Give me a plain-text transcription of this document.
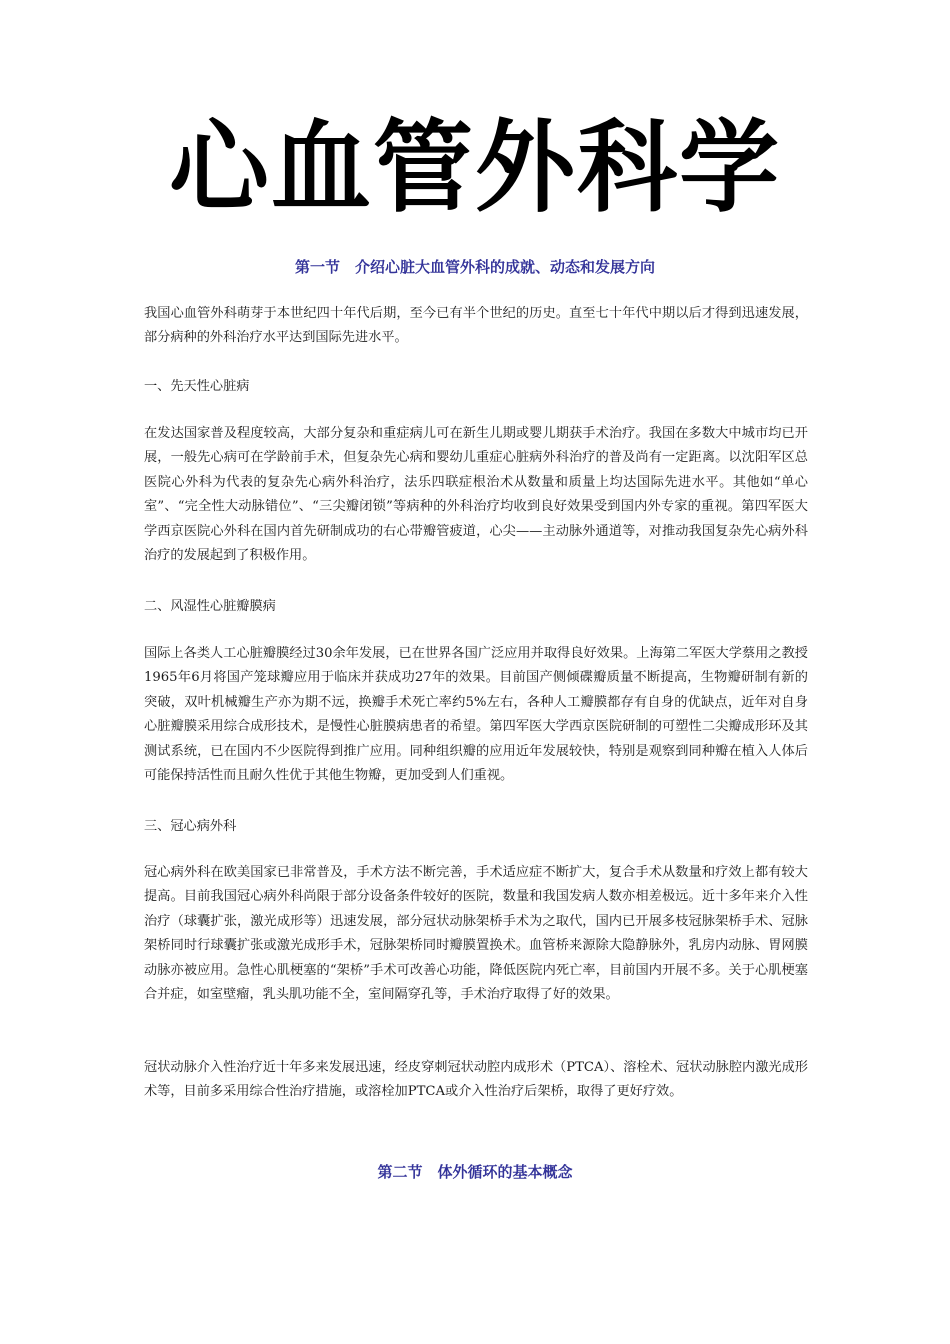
心血管外科学
第一节　介绍心脏大血管外科的成就、动态和发展方向

我国心血管外科萌芽于本世纪四十年代后期，至今已有半个世纪的历史。直至七十年代中期以后才得到迅速发展，部分病种的外科治疗水平达到国际先进水平。

一、先天性心脏病

在发达国家普及程度较高，大部分复杂和重症病儿可在新生儿期或婴儿期获手术治疗。我国在多数大中城市均已开展，一般先心病可在学龄前手术，但复杂先心病和婴幼儿重症心脏病外科治疗的普及尚有一定距离。以沈阳军区总医院心外科为代表的复杂先心病外科治疗，法乐四联症根治术从数量和质量上均达国际先进水平。其他如“单心室”、“完全性大动脉错位”、“三尖瓣闭锁”等病种的外科治疗均收到良好效果受到国内外专家的重视。第四军医大学西京医院心外科在国内首先研制成功的右心带瓣管疲道，心尖——主动脉外通道等，对推动我国复杂先心病外科治疗的发展起到了积极作用。

二、风湿性心脏瓣膜病

国际上各类人工心脏瓣膜经过30余年发展，已在世界各国广泛应用并取得良好效果。上海第二军医大学蔡用之教授1965年6月将国产笼球瓣应用于临床并获成功27年的效果。目前国产侧倾碟瓣质量不断提高，生物瓣研制有新的突破，双叶机械瓣生产亦为期不远，换瓣手术死亡率约5%左右，各种人工瓣膜都存有自身的优缺点，近年对自身心脏瓣膜采用综合成形技术，是慢性心脏膜病患者的希望。第四军医大学西京医院研制的可塑性二尖瓣成形环及其测试系统，已在国内不少医院得到推广应用。同种组织瓣的应用近年发展较快，特别是观察到同种瓣在植入人体后可能保持活性而且耐久性优于其他生物瓣，更加受到人们重视。

三、冠心病外科

冠心病外科在欧美国家已非常普及，手术方法不断完善，手术适应症不断扩大，复合手术从数量和疗效上都有较大提高。目前我国冠心病外科尚限于部分设备条件较好的医院，数量和我国发病人数亦相差极远。近十多年来介入性治疗（球囊扩张，激光成形等）迅速发展，部分冠状动脉架桥手术为之取代，国内已开展多枝冠脉架桥手术、冠脉架桥同时行球囊扩张或激光成形手术，冠脉架桥同时瓣膜置换术。血管桥来源除大隐静脉外，乳房内动脉、胃网膜动脉亦被应用。急性心肌梗塞的“架桥”手术可改善心功能，降低医院内死亡率，目前国内开展不多。关于心肌梗塞合并症，如室壁瘤，乳头肌功能不全，室间隔穿孔等，手术治疗取得了好的效果。

冠状动脉介入性治疗近十年多来发展迅速，经皮穿刺冠状动腔内成形术（PTCA）、溶栓术、冠状动脉腔内激光成形术等，目前多采用综合性治疗措施，或溶栓加PTCA或介入性治疗后架桥，取得了更好疗效。

第二节　体外循环的基本概念
